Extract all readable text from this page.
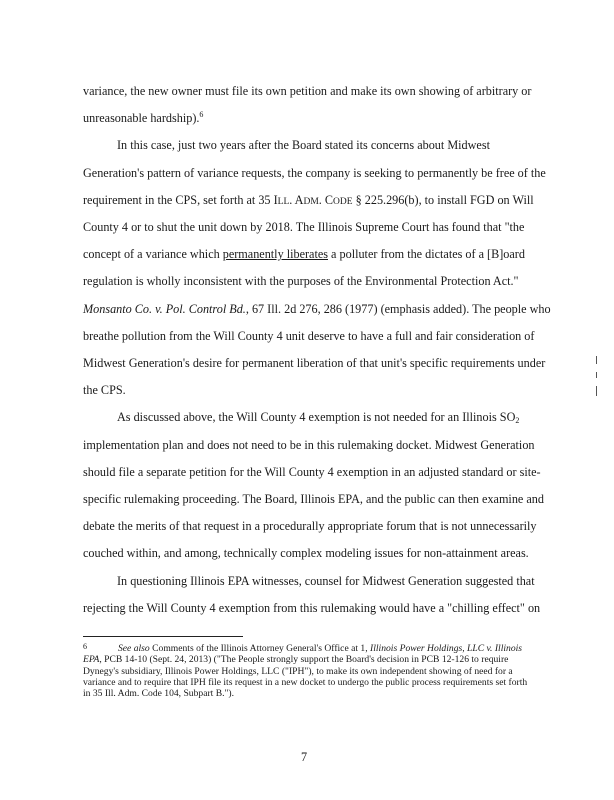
variance, the new owner must file its own petition and make its own showing of arbitrary or
unreasonable hardship).$^6$
In this case, just two years after the Board stated its concerns about Midwest
Generation's pattern of variance requests, the company is seeking to permanently be free of the
requirement in the CPS, set forth at 35 ILL. ADM. CODE § 225.296(b), to install FGD on Will
County 4 or to shut the unit down by 2018. The Illinois Supreme Court has found that "the
concept of a variance which permanently liberates a polluter from the dictates of a [B]oard
regulation is wholly inconsistent with the purposes of the Environmental Protection Act."
Monsanto Co. v. Pol. Control Bd., 67 Ill. 2d 276, 286 (1977) (emphasis added). The people who
breathe pollution from the Will County 4 unit deserve to have a full and fair consideration of
Midwest Generation's desire for permanent liberation of that unit's specific requirements under
the CPS.
As discussed above, the Will County 4 exemption is not needed for an Illinois $SO_2$
implementation plan and does not need to be in this rulemaking docket. Midwest Generation
should file a separate petition for the Will County 4 exemption in an adjusted standard or site-
specific rulemaking proceeding. The Board, Illinois EPA, and the public can then examine and
debate the merits of that request in a procedurally appropriate forum that is not unnecessarily
couched within, and among, technically complex modeling issues for non-attainment areas.
In questioning Illinois EPA witnesses, counsel for Midwest Generation suggested that
rejecting the Will County 4 exemption from this rulemaking would have a "chilling effect" on
6	See also Comments of the Illinois Attorney General's Office at 1, Illinois Power Holdings, LLC v. Illinois
EPA, PCB 14-10 (Sept. 24, 2013) ("The People strongly support the Board's decision in PCB 12-126 to require
Dynegy's subsidiary, Illinois Power Holdings, LLC ("IPH"), to make its own independent showing of need for a
variance and to require that IPH file its request in a new docket to undergo the public process requirements set forth
in 35 Ill. Adm. Code 104, Subpart B.").
7
